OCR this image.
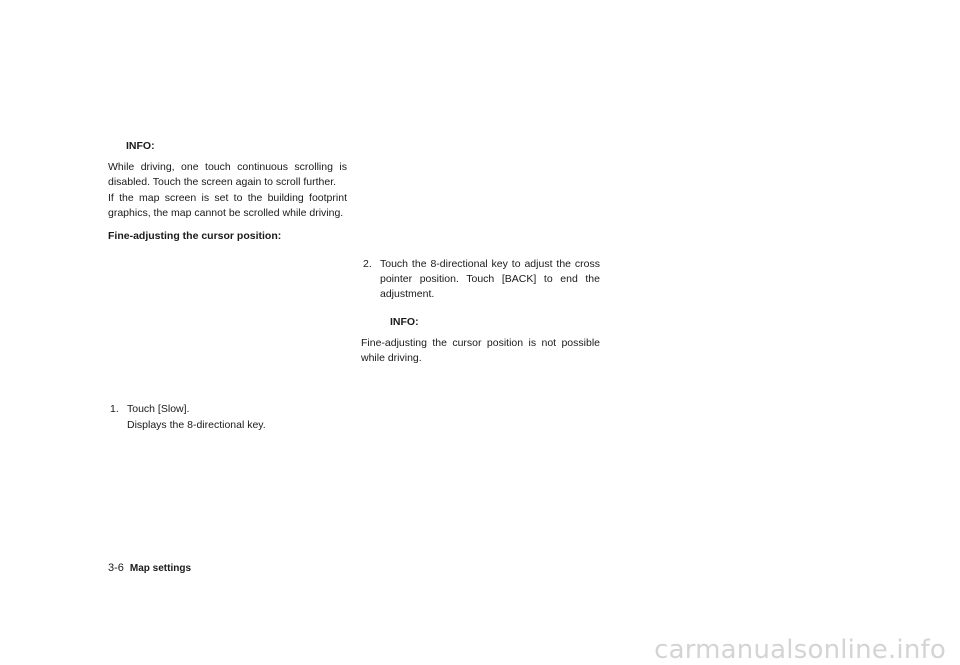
INFO:

While driving, one touch continuous scrolling is disabled. Touch the screen again to scroll further.

If the map screen is set to the building footprint graphics, the map cannot be scrolled while driving.

Fine-adjusting the cursor position:

1. Touch [Slow].
Displays the 8-directional key.
2. Touch the 8-directional key to adjust the cross pointer position. Touch [BACK] to end the adjustment.
INFO:

Fine-adjusting the cursor position is not possible while driving.

3-6 Map settings
carmanualsonline.info
